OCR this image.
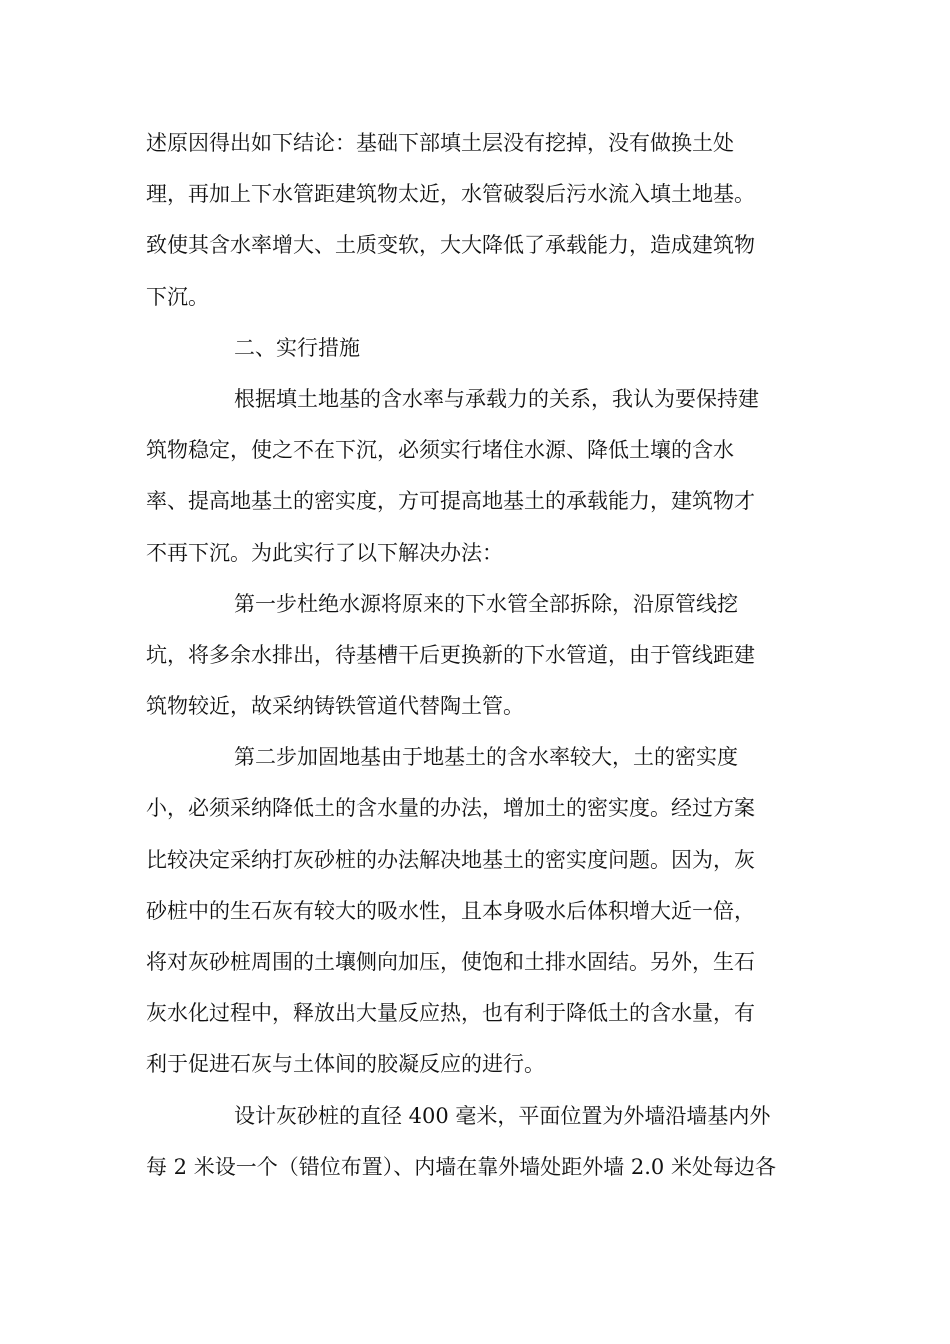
述原因得出如下结论：基础下部填土层没有挖掉，没有做换土处
理，再加上下水管距建筑物太近，水管破裂后污水流入填土地基。
致使其含水率增大、土质变软，大大降低了承载能力，造成建筑物
下沉。

二、实行措施

根据填土地基的含水率与承载力的关系，我认为要保持建
筑物稳定，使之不在下沉，必须实行堵住水源、降低土壤的含水
率、提高地基土的密实度，方可提高地基土的承载能力，建筑物才
不再下沉。为此实行了以下解决办法：

第一步杜绝水源将原来的下水管全部拆除，沿原管线挖
坑，将多余水排出，待基槽干后更换新的下水管道，由于管线距建
筑物较近，故采纳铸铁管道代替陶土管。

第二步加固地基由于地基土的含水率较大，土的密实度
小，必须采纳降低土的含水量的办法，增加土的密实度。经过方案
比较决定采纳打灰砂桩的办法解决地基土的密实度问题。因为，灰
砂桩中的生石灰有较大的吸水性，且本身吸水后体积增大近一倍，
将对灰砂桩周围的土壤侧向加压，使饱和土排水固结。另外，生石
灰水化过程中，释放出大量反应热，也有利于降低土的含水量，有
利于促进石灰与土体间的胶凝反应的进行。

设计灰砂桩的直径 400 毫米，平面位置为外墙沿墙基内外
每 2 米设一个（错位布置）、内墙在靠外墙处距外墙 2.0 米处每边各
